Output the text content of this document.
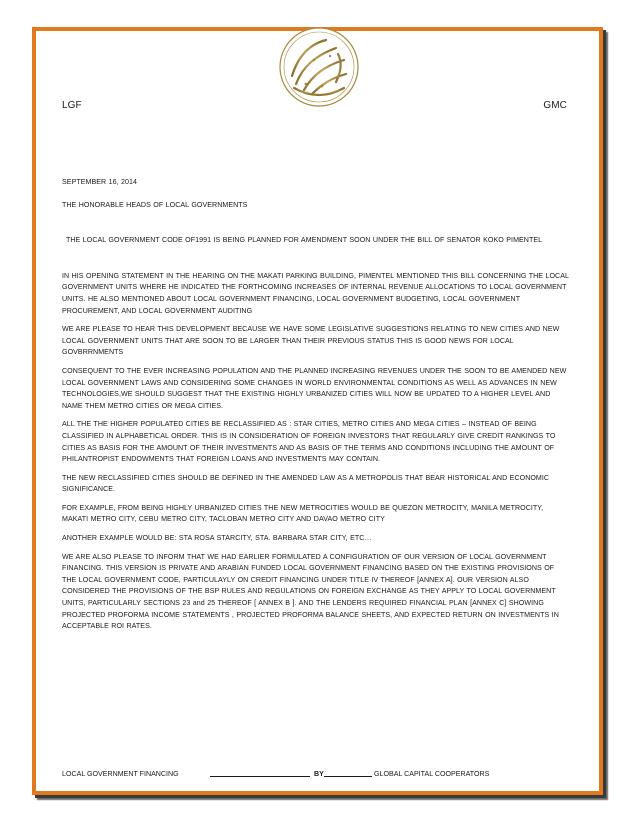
LGF	GMC

SEPTEMBER 16, 2014

THE HONORABLE HEADS OF LOCAL GOVERNMENTS

THE LOCAL GOVERNMENT CODE OF1991 IS BEING PLANNED FOR AMENDMENT SOON UNDER THE BILL OF SENATOR KOKO PIMENTEL

IN HIS OPENING STATEMENT IN THE HEARING ON THE MAKATI PARKING BUILDING, PIMENTEL MENTIONED THIS BILL CONCERNING THE LOCAL GOVERNMENT UNITS WHERE HE INDICATED THE FORTHCOMING INCREASES OF INTERNAL REVENUE ALLOCATIONS TO LOCAL GOVERNMENT UNITS. HE ALSO MENTIONED ABOUT LOCAL GOVERNMENT FINANCING, LOCAL GOVERNMENT BUDGETING, LOCAL GOVERNMENT PROCUREMENT, AND LOCAL GOVERNMENT AUDITING

WE ARE PLEASE TO HEAR THIS DEVELOPMENT BECAUSE WE HAVE SOME LEGISLATIVE SUGGESTIONS RELATING TO NEW CITIES AND NEW LOCAL GOVERNMENT UNITS THAT ARE SOON TO BE LARGER THAN THEIR PREVIOUS STATUS THIS IS GOOD NEWS FOR LOCAL GOVBRRNMENTS

CONSEQUENT TO THE EVER INCREASING POPULATION AND THE PLANNED INCREASING REVENUES UNDER THE SOON TO BE AMENDED NEW LOCAL GOVERNMENT LAWS AND CONSIDERING SOME CHANGES IN WORLD ENVIRONMENTAL CONDITIONS AS WELL AS ADVANCES IN NEW TECHNOLOGIES,WE SHOULD SUGGEST THAT THE EXISTING HIGHLY URBANIZED CITIES WILL NOW BE UPDATED TO A HIGHER LEVEL AND NAME THEM METRO CITIES OR MEGA CITIES.

ALL THE THE HIGHER POPULATED CITIES BE RECLASSIFIED AS : STAR CITIES, METRO CITIES AND MEGA CITIES – INSTEAD OF BEING CLASSIFIED IN ALPHABETICAL ORDER. THIS IS IN CONSIDERATION OF FOREIGN INVESTORS THAT REGULARLY GIVE CREDIT RANKINGS TO CITIES AS BASIS FOR THE AMOUNT OF THEIR INVESTMENTS AND AS BASIS OF THE TERMS AND CONDITIONS INCLUDING THE AMOUNT OF PHILANTROPIST ENDOWMENTS THAT FOREIGN LOANS AND INVESTMENTS MAY CONTAIN.

THE NEW RECLASSIFIED CITIES SHOULD BE DEFINED IN THE AMENDED LAW AS A METROPOLIS THAT BEAR HISTORICAL AND ECONOMIC SIGNIFICANCE.

FOR EXAMPLE, FROM BEING HIGHLY URBANIZED CITIES THE NEW METROCITIES WOULD BE QUEZON METROCITY, MANILA METROCITY, MAKATI METRO CITY, CEBU METRO CITY, TACLOBAN METRO CITY AND DAVAO METRO CITY

ANOTHER EXAMPLE WOULD BE: STA ROSA STARCITY, STA. BARBARA STAR CITY, ETC…

WE ARE ALSO PLEASE TO INFORM THAT WE HAD EARLIER FORMULATED A CONFIGURATION OF OUR VERSION OF LOCAL GOVERNMENT FINANCING. THIS VERSION IS PRIVATE AND ARABIAN FUNDED LOCAL GOVERNMENT FINANCING BASED ON THE EXISTING PROVISIONS OF THE LOCAL GOVERNMENT CODE, PARTICULAYLY ON CREDIT FINANCING UNDER TITLE IV THEREOF [ANNEX A]. OUR VERSION ALSO CONSIDERED THE PROVISIONS OF THE BSP RULES AND REGULATIONS ON FOREIGN EXCHANGE AS THEY APPLY TO LOCAL GOVERNMENT UNITS, PARTICULARLY SECTIONS 23 and 25 THEREOF [ ANNEX B ]. AND THE LENDERS REQUIRED FINANCIAL PLAN [ANNEX C] SHOWING PROJECTED PROFORMA INCOME STATEMENTS , PROJECTED PROFORMA BALANCE SHEETS, AND EXPECTED RETURN ON INVESTMENTS IN ACCEPTABLE ROI RATES.

LOCAL GOVERNMENT FINANCING	BY	GLOBAL CAPITAL COOPERATORS
